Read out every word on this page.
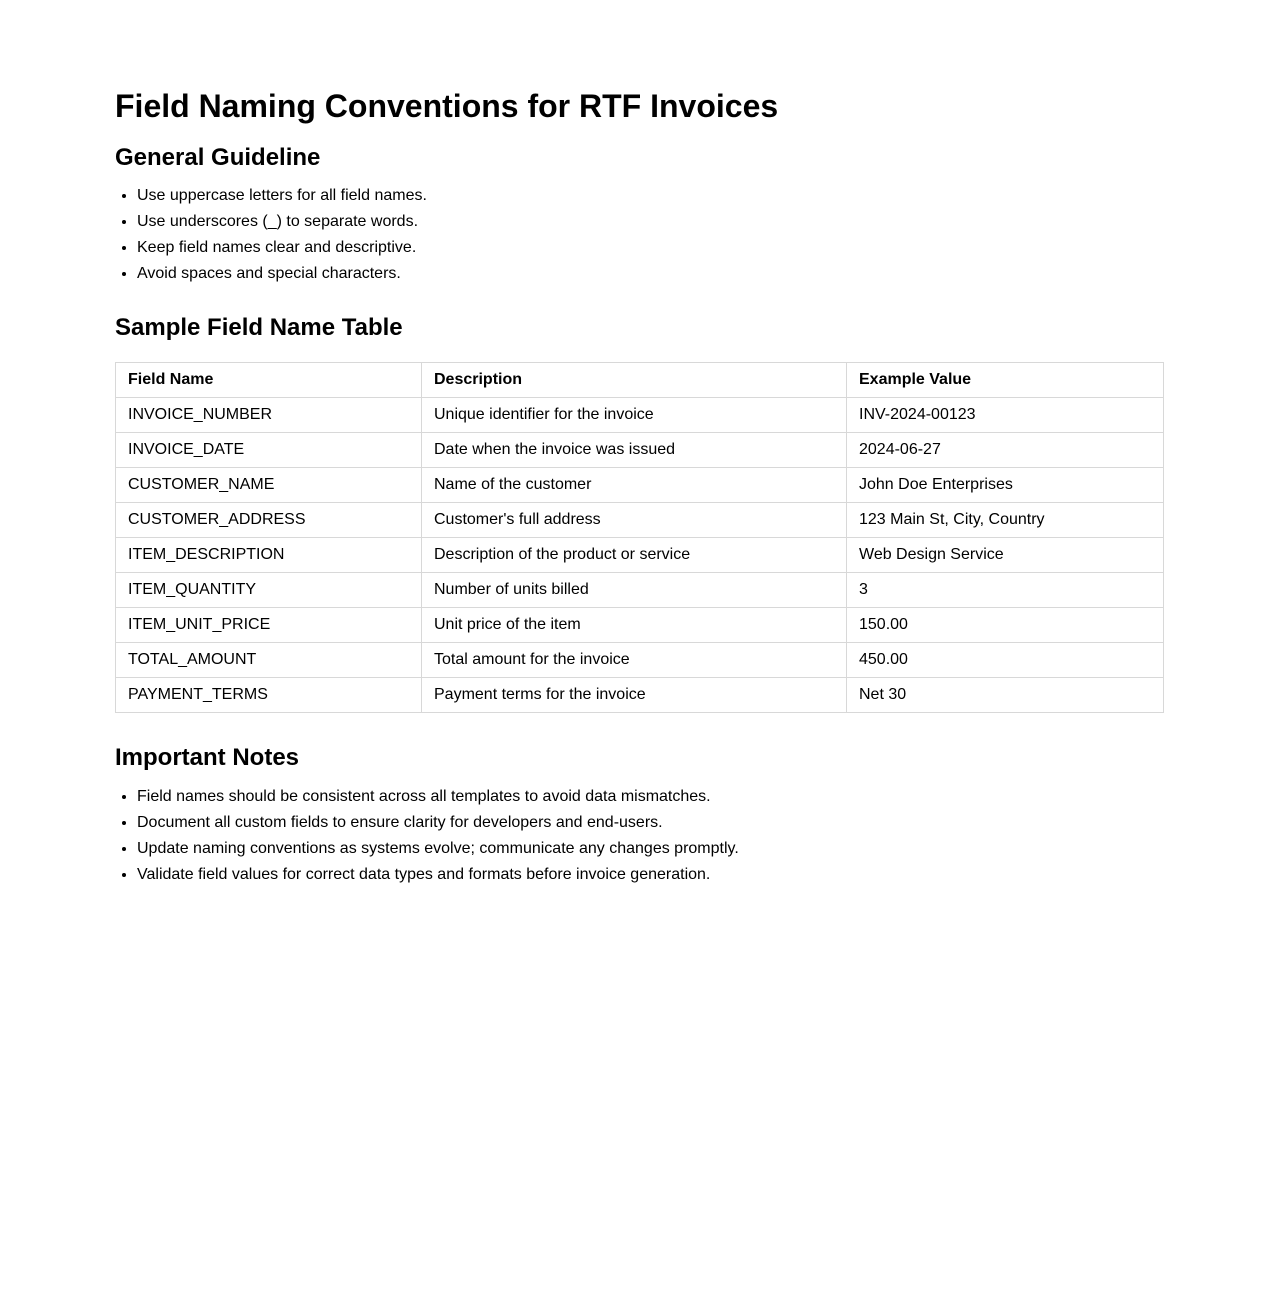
Field Naming Conventions for RTF Invoices
General Guideline
• Use uppercase letters for all field names.
• Use underscores (_) to separate words.
• Keep field names clear and descriptive.
• Avoid spaces and special characters.
Sample Field Name Table
Field Name	Description	Example Value
INVOICE_NUMBER	Unique identifier for the invoice	INV-2024-00123
INVOICE_DATE	Date when the invoice was issued	2024-06-27
CUSTOMER_NAME	Name of the customer	John Doe Enterprises
CUSTOMER_ADDRESS	Customer's full address	123 Main St, City, Country
ITEM_DESCRIPTION	Description of the product or service	Web Design Service
ITEM_QUANTITY	Number of units billed	3
ITEM_UNIT_PRICE	Unit price of the item	150.00
TOTAL_AMOUNT	Total amount for the invoice	450.00
PAYMENT_TERMS	Payment terms for the invoice	Net 30
Important Notes
• Field names should be consistent across all templates to avoid data mismatches.
• Document all custom fields to ensure clarity for developers and end-users.
• Update naming conventions as systems evolve; communicate any changes promptly.
• Validate field values for correct data types and formats before invoice generation.
